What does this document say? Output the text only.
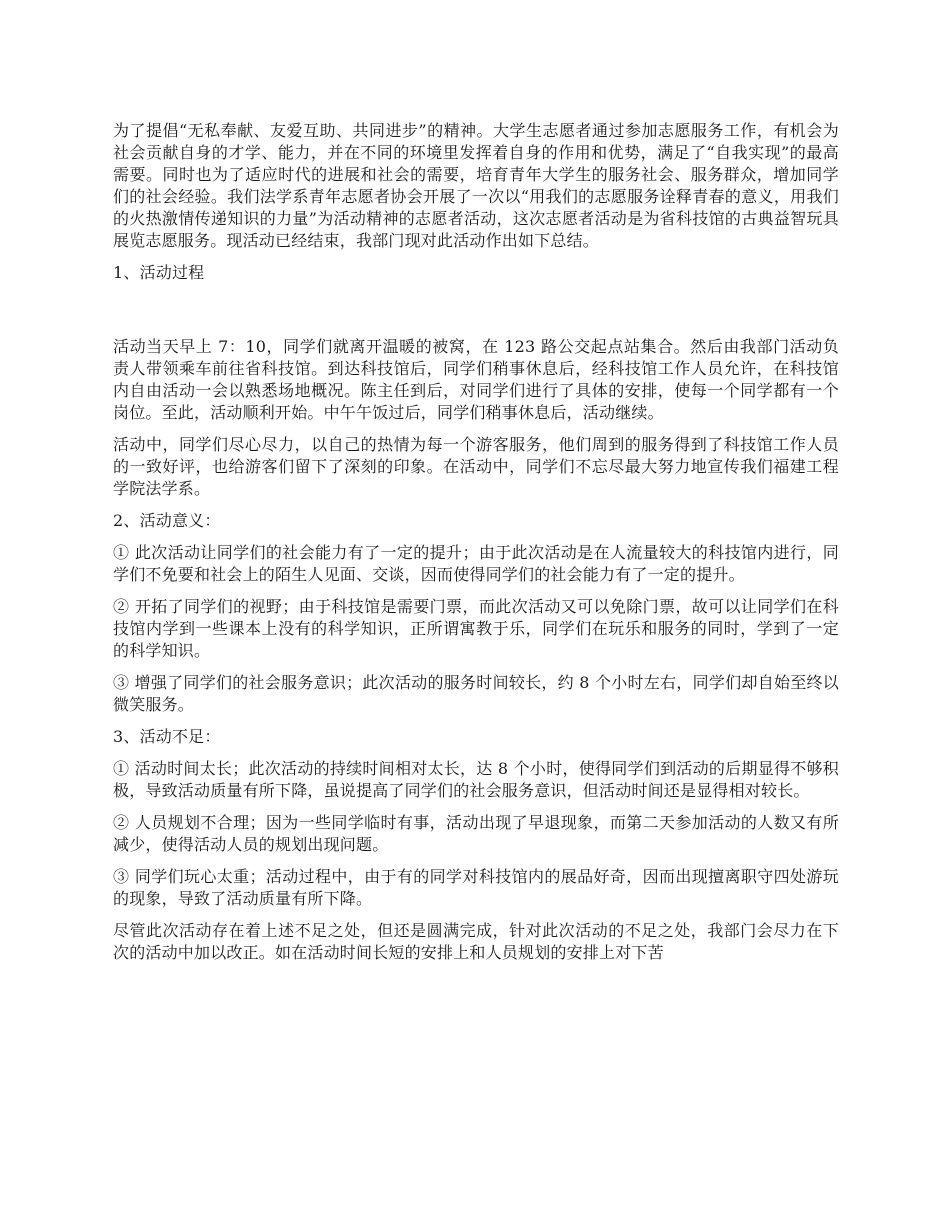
为了提倡“无私奉献、友爱互助、共同进步”的精神。大学生志愿者通过参加志愿服务工作，有机会为社会贡献自身的才学、能力，并在不同的环境里发挥着自身的作用和优势，满足了“自我实现”的最高需要。同时也为了适应时代的进展和社会的需要，培育青年大学生的服务社会、服务群众，增加同学们的社会经验。我们法学系青年志愿者协会开展了一次以“用我们的志愿服务诠释青春的意义，用我们的火热激情传递知识的力量”为活动精神的志愿者活动，这次志愿者活动是为省科技馆的古典益智玩具展览志愿服务。现活动已经结束，我部门现对此活动作出如下总结。

1、活动过程

活动当天早上 7：10，同学们就离开温暖的被窝，在 123 路公交起点站集合。然后由我部门活动负责人带领乘车前往省科技馆。到达科技馆后，同学们稍事休息后，经科技馆工作人员允许，在科技馆内自由活动一会以熟悉场地概况。陈主任到后，对同学们进行了具体的安排，使每一个同学都有一个岗位。至此，活动顺利开始。中午午饭过后，同学们稍事休息后，活动继续。

活动中，同学们尽心尽力，以自己的热情为每一个游客服务，他们周到的服务得到了科技馆工作人员的一致好评，也给游客们留下了深刻的印象。在活动中，同学们不忘尽最大努力地宣传我们福建工程学院法学系。

2、活动意义：

① 此次活动让同学们的社会能力有了一定的提升；由于此次活动是在人流量较大的科技馆内进行，同学们不免要和社会上的陌生人见面、交谈，因而使得同学们的社会能力有了一定的提升。

② 开拓了同学们的视野；由于科技馆是需要门票，而此次活动又可以免除门票，故可以让同学们在科技馆内学到一些课本上没有的科学知识，正所谓寓教于乐，同学们在玩乐和服务的同时，学到了一定的科学知识。

③ 增强了同学们的社会服务意识；此次活动的服务时间较长，约 8 个小时左右，同学们却自始至终以微笑服务。

3、活动不足：

① 活动时间太长；此次活动的持续时间相对太长，达 8 个小时，使得同学们到活动的后期显得不够积极，导致活动质量有所下降，虽说提高了同学们的社会服务意识，但活动时间还是显得相对较长。

② 人员规划不合理；因为一些同学临时有事，活动出现了早退现象，而第二天参加活动的人数又有所减少，使得活动人员的规划出现问题。

③ 同学们玩心太重；活动过程中，由于有的同学对科技馆内的展品好奇，因而出现擅离职守四处游玩的现象，导致了活动质量有所下降。

尽管此次活动存在着上述不足之处，但还是圆满完成，针对此次活动的不足之处，我部门会尽力在下次的活动中加以改正。如在活动时间长短的安排上和人员规划的安排上对下苦
